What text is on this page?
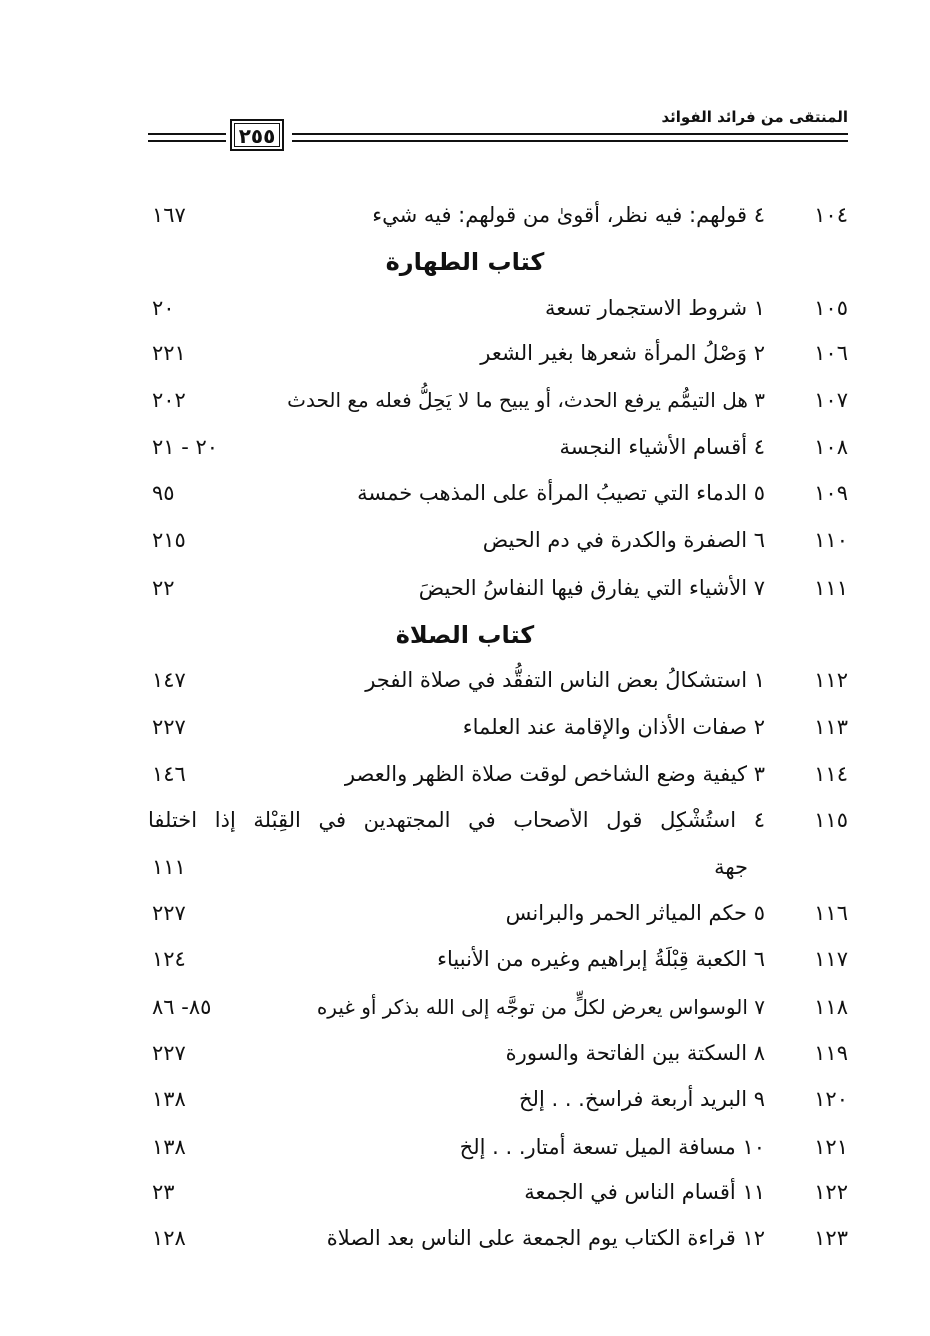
المنتقى من فرائد الفوائد
٢٥٥
١٠٤
٤ قولهم: فيه نظر، أقوىٰ من قولهم: فيه شيء
١٦٧
كتاب الطهارة
١٠٥
١ شروط الاستجمار تسعة
٢٠
١٠٦
٢ وَصْلُ المرأة شعرها بغير الشعر
٢٢١
١٠٧
٣ هل التيمُّم يرفع الحدث، أو يبيح ما لا يَحِلُّ فعله مع الحدث
٢٠٢
١٠٨
٤ أقسام الأشياء النجسة
٢٠ - ٢١
١٠٩
٥ الدماء التي تصيبُ المرأة على المذهب خمسة
٩٥
١١٠
٦ الصفرة والكدرة في دم الحيض
٢١٥
١١١
٧ الأشياء التي يفارق فيها النفاسُ الحيضَ
٢٢
كتاب الصلاة
١١٢
١ استشكالُ بعض الناس التفقُّد في صلاة الفجر
١٤٧
١١٣
٢ صفات الأذان والإقامة عند العلماء
٢٢٧
١١٤
٣ كيفية وضع الشاخص لوقت صلاة الظهر والعصر
١٤٦
١١٥
٤ استُشْكِل قول الأصحاب في المجتهدين في القِبْلة إذا اختلفا
جهة
١١١
١١٦
٥ حكم المياثر الحمر والبرانس
٢٢٧
١١٧
٦ الكعبة قِبْلَةُ إبراهيم وغيره من الأنبياء
١٢٤
١١٨
٧ الوسواس يعرض لكلٍّ من توجَّه إلى الله بذكر أو غيره
٨٥- ٨٦
١١٩
٨ السكتة بين الفاتحة والسورة
٢٢٧
١٢٠
٩ البريد أربعة فراسخ. . . إلخ
١٣٨
١٢١
١٠ مسافة الميل تسعة أمتار. . . إلخ
١٣٨
١٢٢
١١ أقسام الناس في الجمعة
٢٣
١٢٣
١٢ قراءة الكتاب يوم الجمعة على الناس بعد الصلاة
١٢٨
